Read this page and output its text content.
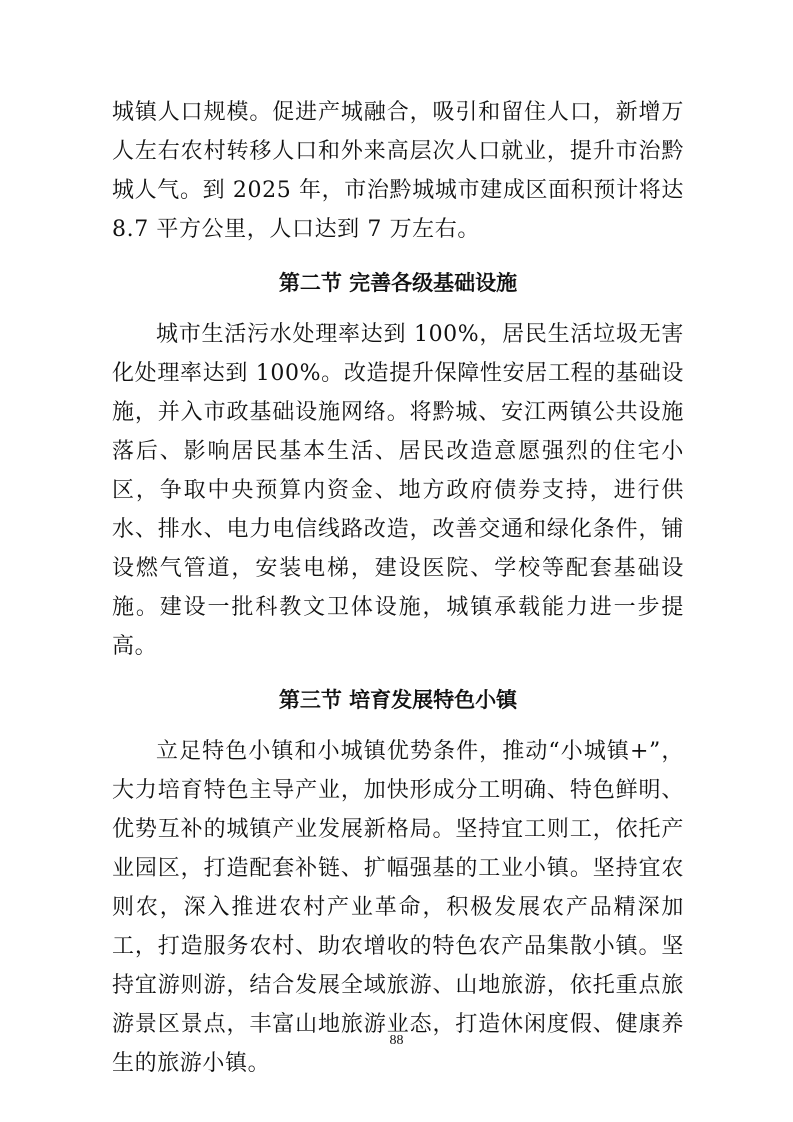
城镇人口规模。促进产城融合，吸引和留住人口，新增万人左右农村转移人口和外来高层次人口就业，提升市治黔城人气。到 2025 年，市治黔城城市建成区面积预计将达 8.7 平方公里，人口达到 7 万左右。

第二节 完善各级基础设施

城市生活污水处理率达到 100%，居民生活垃圾无害化处理率达到 100%。改造提升保障性安居工程的基础设施，并入市政基础设施网络。将黔城、安江两镇公共设施落后、影响居民基本生活、居民改造意愿强烈的住宅小区，争取中央预算内资金、地方政府债券支持，进行供水、排水、电力电信线路改造，改善交通和绿化条件，铺设燃气管道，安装电梯，建设医院、学校等配套基础设施。建设一批科教文卫体设施，城镇承载能力进一步提高。

第三节 培育发展特色小镇

立足特色小镇和小城镇优势条件，推动“小城镇+”，大力培育特色主导产业，加快形成分工明确、特色鲜明、优势互补的城镇产业发展新格局。坚持宜工则工，依托产业园区，打造配套补链、扩幅强基的工业小镇。坚持宜农则农，深入推进农村产业革命，积极发展农产品精深加工，打造服务农村、助农增收的特色农产品集散小镇。坚持宜游则游，结合发展全域旅游、山地旅游，依托重点旅游景区景点，丰富山地旅游业态，打造休闲度假、健康养生的旅游小镇。

88
